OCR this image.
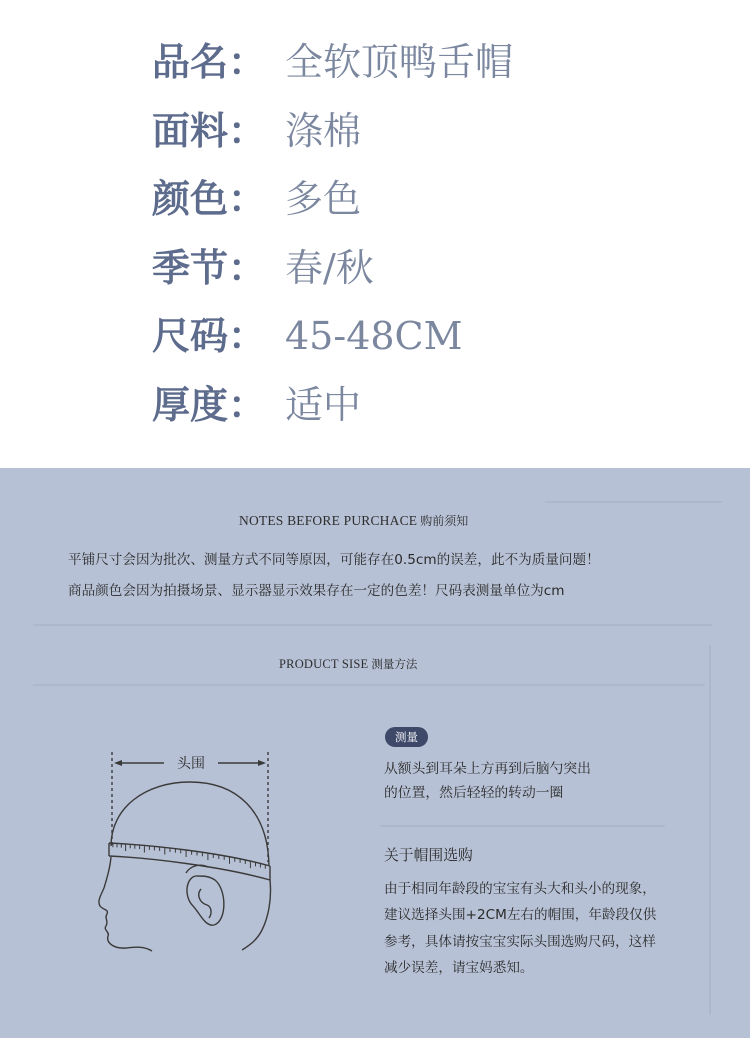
品名： 全软顶鸭舌帽
面料： 涤棉
颜色： 多色
季节： 春/秋
尺码： 45-48CM
厚度： 适中
NOTES BEFORE PURCHACE 购前须知
平铺尺寸会因为批次、测量方式不同等原因，可能存在0.5cm的误差，此不为质量问题！
商品颜色会因为拍摄场景、显示器显示效果存在一定的色差！尺码表测量单位为cm
PRODUCT SISE 测量方法
测量
从额头到耳朵上方再到后脑勺突出
的位置，然后轻轻的转动一圈
关于帽围选购
由于相同年龄段的宝宝有头大和头小的现象，
建议选择头围+2CM左右的帽围，年龄段仅供
参考，具体请按宝宝实际头围选购尺码，这样
减少误差，请宝妈悉知。
头围
